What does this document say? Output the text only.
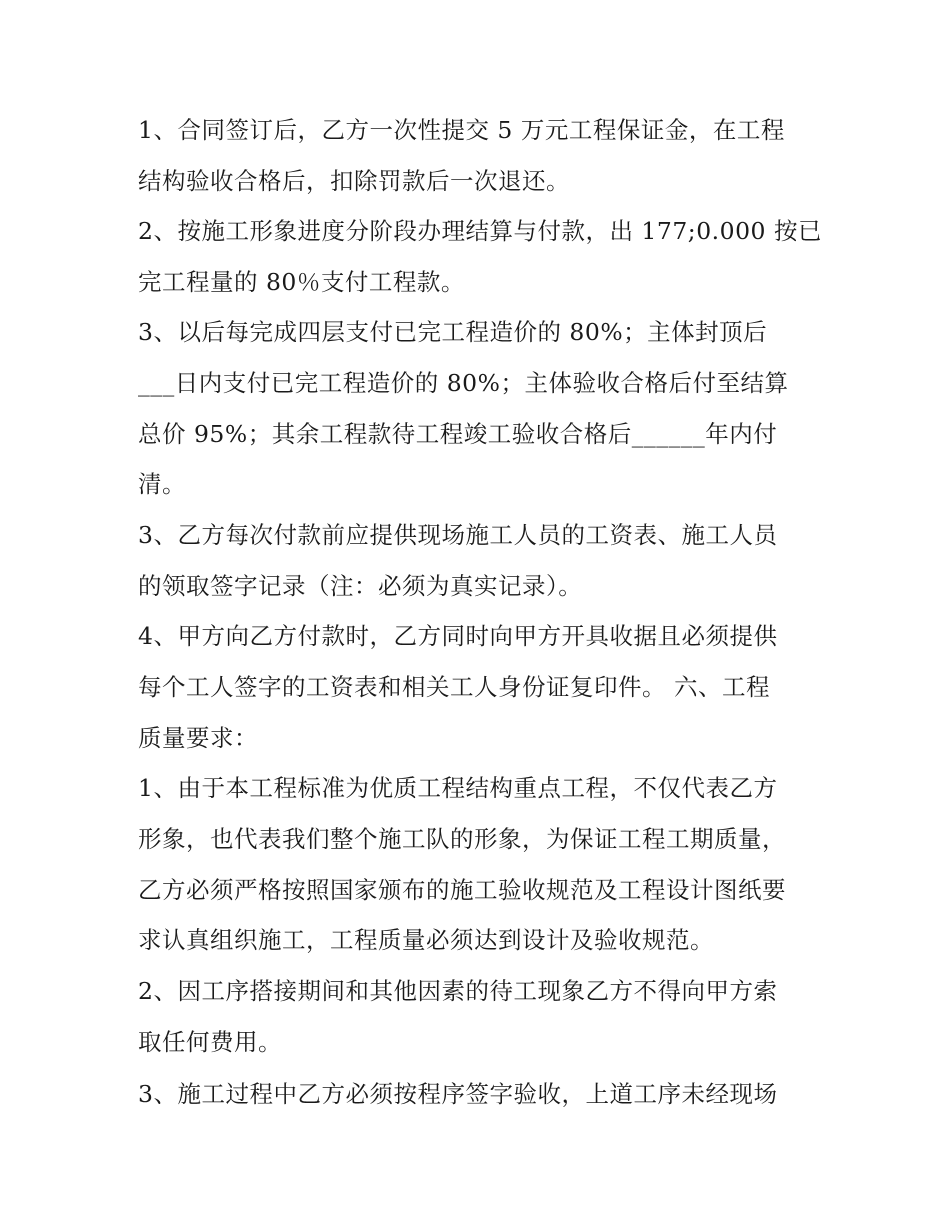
1、合同签订后，乙方一次性提交 5 万元工程保证金，在工程

结构验收合格后，扣除罚款后一次退还。

2、按施工形象进度分阶段办理结算与付款，出 177;0.000 按已

完工程量的 80％支付工程款。

3、以后每完成四层支付已完工程造价的 80%；主体封顶后

___日内支付已完工程造价的 80%；主体验收合格后付至结算

总价 95%；其余工程款待工程竣工验收合格后______年内付

清。

3、乙方每次付款前应提供现场施工人员的工资表、施工人员

的领取签字记录（注：必须为真实记录）。

4、甲方向乙方付款时，乙方同时向甲方开具收据且必须提供

每个工人签字的工资表和相关工人身份证复印件。 六、工程

质量要求：

1、由于本工程标准为优质工程结构重点工程，不仅代表乙方

形象，也代表我们整个施工队的形象，为保证工程工期质量，

乙方必须严格按照国家颁布的施工验收规范及工程设计图纸要

求认真组织施工，工程质量必须达到设计及验收规范。

2、因工序搭接期间和其他因素的待工现象乙方不得向甲方索

取任何费用。

3、施工过程中乙方必须按程序签字验收，上道工序未经现场
